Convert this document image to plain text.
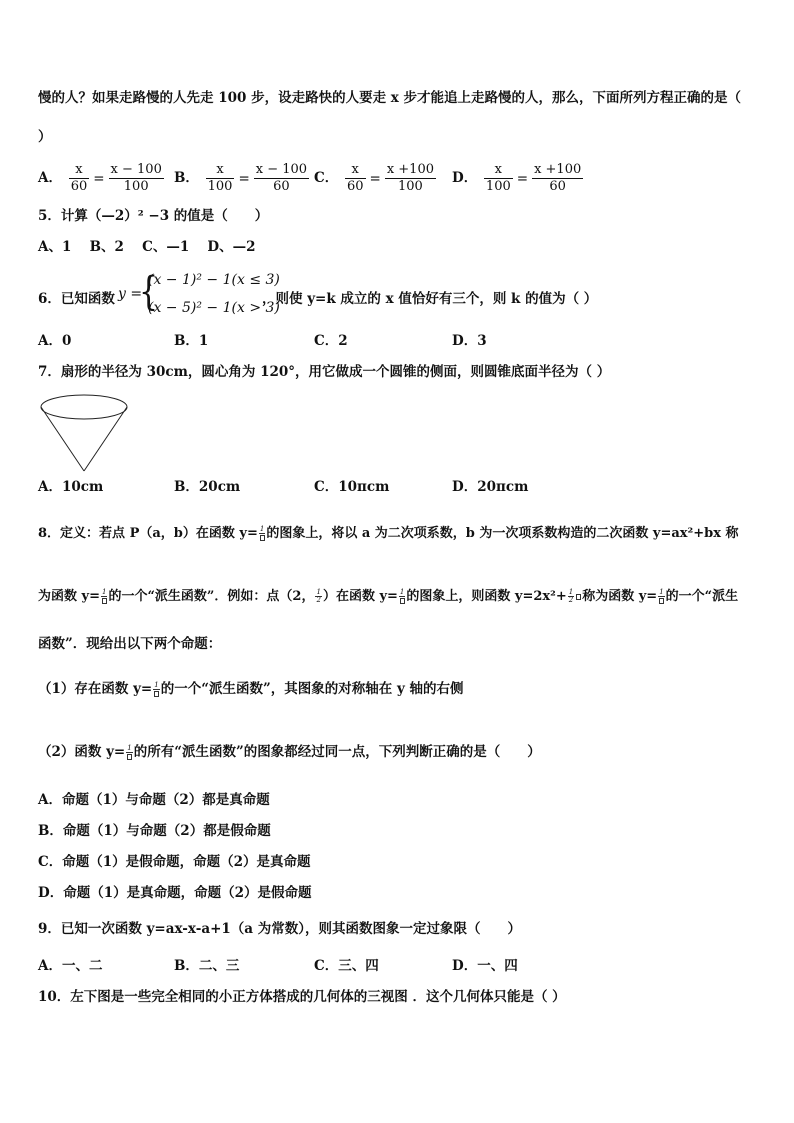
慢的人？如果走路慢的人先走 100 步，设走路快的人要走 x 步才能追上走路慢的人，那么，下面所列方程正确的是（
）
A． $\frac{x}{60} = \frac{x - 100}{100}$ B． $\frac{x}{100} = \frac{x - 100}{60}$ C． $\frac{x}{60} = \frac{x +100}{100}$ D． $\frac{x}{100} = \frac{x +100}{60}$
5．计算（—2）² −3 的值是（　　）
A、1　 B、2　 C、—1　 D、—2
6．已知函数 y =
{
(x − 1)² − 1(x ≤ 3)
(x − 5)² − 1(x > 3)
，则使 y=k 成立的 x 值恰好有三个，则 k 的值为（ ）
A．0	B．1	C．2	D．3
7．扇形的半径为 30cm，圆心角为 120°，用它做成一个圆锥的侧面，则圆锥底面半径为（ ）
A．10cm	B．20cm	C．10πcm	D．20πcm
8．定义：若点 P（a，b）在函数 y= 1 的图象上，将以 a 为二次项系数，b 为一次项系数构造的二次函数 y=ax²+bx 称
为函数 y= 1 的一个“派生函数”．例如：点（2， $\frac{1}{2}$ ）在函数 y= 1 的图象上，则函数 $y=2x^2+ \frac{1}{2}$ 称为函数 y= 1 的一个“派生
函数”．现给出以下两个命题：
（1）存在函数 y= 1 的一个“派生函数”，其图象的对称轴在 y 轴的右侧
（2）函数 y= 1 的所有“派生函数”的图象都经过同一点，下列判断正确的是（　　）
A．命题（1）与命题（2）都是真命题
B．命题（1）与命题（2）都是假命题
C．命题（1）是假命题，命题（2）是真命题
D．命题（1）是真命题，命题（2）是假命题
9．已知一次函数 y=ax-x-a+1（a 为常数），则其函数图象一定过象限（　　）
A．一、二	B．二、三	C．三、四	D．一、四
10．左下图是一些完全相同的小正方体搭成的几何体的三视图 ．这个几何体只能是（ ）
